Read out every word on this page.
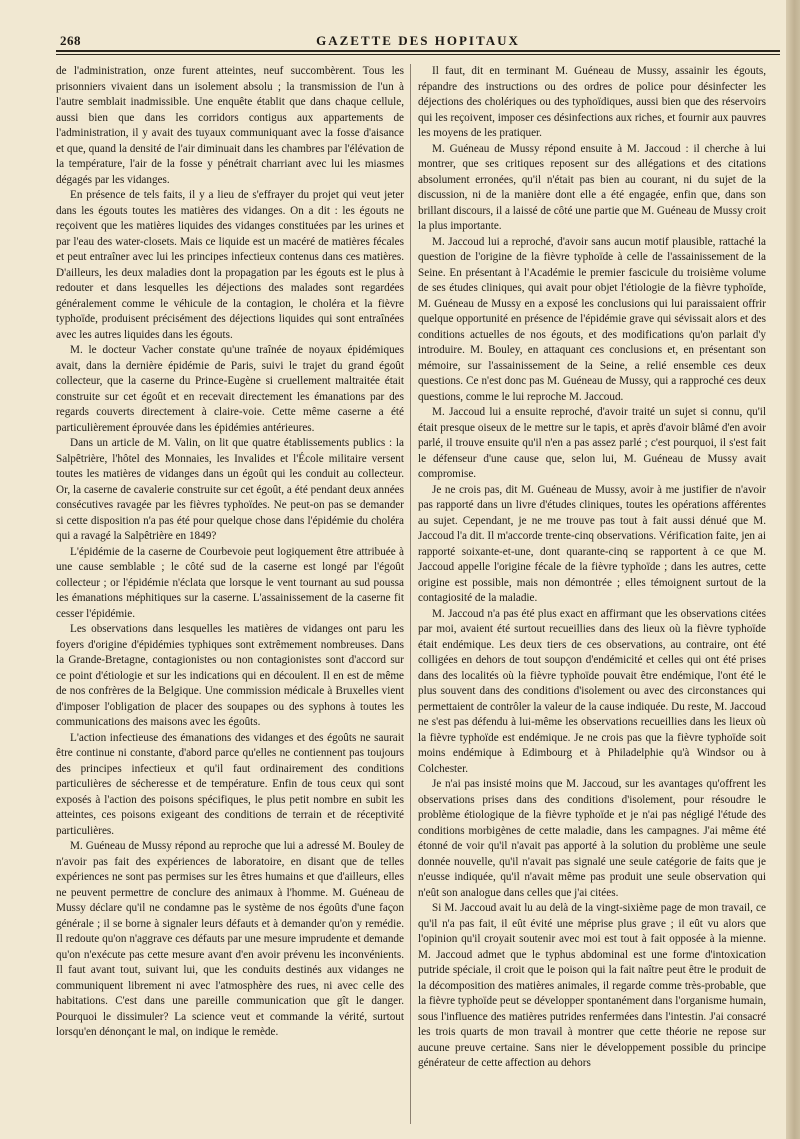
268	GAZETTE DES HOPITAUX

de l'administration, onze furent atteintes, neuf succombèrent. Tous les prisonniers vivaient dans un isolement absolu ; la transmission de l'un à l'autre semblait inadmissible. Une enquête établit que dans chaque cellule, aussi bien que dans les corridors contigus aux appartements de l'administration, il y avait des tuyaux communiquant avec la fosse d'aisance et que, quand la densité de l'air diminuait dans les chambres par l'élévation de la température, l'air de la fosse y pénétrait charriant avec lui les miasmes dégagés par les vidanges.

En présence de tels faits, il y a lieu de s'effrayer du projet qui veut jeter dans les égouts toutes les matières des vidanges. On a dit : les égouts ne reçoivent que les matières liquides des vidanges constituées par les urines et par l'eau des water-closets. Mais ce liquide est un macéré de matières fécales et peut entraîner avec lui les principes infectieux contenus dans ces matières. D'ailleurs, les deux maladies dont la propagation par les égouts est le plus à redouter et dans lesquelles les déjections des malades sont regardées généralement comme le véhicule de la contagion, le choléra et la fièvre typhoïde, produisent précisément des déjections liquides qui sont entraînées avec les autres liquides dans les égouts.

M. le docteur Vacher constate qu'une traînée de noyaux épidémiques avait, dans la dernière épidémie de Paris, suivi le trajet du grand égoût collecteur, que la caserne du Prince-Eugène si cruellement maltraitée était construite sur cet égoût et en recevait directement les émanations par des regards couverts directement à claire-voie. Cette même caserne a été particulièrement éprouvée dans les épidémies antérieures.

Dans un article de M. Valin, on lit que quatre établissements publics : la Salpêtrière, l'hôtel des Monnaies, les Invalides et l'École militaire versent toutes les matières de vidanges dans un égoût qui les conduit au collecteur. Or, la caserne de cavalerie construite sur cet égoût, a été pendant deux années consécutives ravagée par les fièvres typhoïdes. Ne peut-on pas se demander si cette disposition n'a pas été pour quelque chose dans l'épidémie du choléra qui a ravagé la Salpêtrière en 1849?

L'épidémie de la caserne de Courbevoie peut logiquement être attribuée à une cause semblable ; le côté sud de la caserne est longé par l'égoût collecteur ; or l'épidémie n'éclata que lorsque le vent tournant au sud poussa les émanations méphitiques sur la caserne. L'assainissement de la caserne fit cesser l'épidémie.

Les observations dans lesquelles les matières de vidanges ont paru les foyers d'origine d'épidémies typhiques sont extrêmement nombreuses. Dans la Grande-Bretagne, contagionistes ou non contagionistes sont d'accord sur ce point d'étiologie et sur les indications qui en découlent. Il en est de même de nos confrères de la Belgique. Une commission médicale à Bruxelles vient d'imposer l'obligation de placer des soupapes ou des syphons à toutes les communications des maisons avec les égoûts.

L'action infectieuse des émanations des vidanges et des égoûts ne saurait être continue ni constante, d'abord parce qu'elles ne contiennent pas toujours des principes infectieux et qu'il faut ordinairement des conditions particulières de sécheresse et de température. Enfin de tous ceux qui sont exposés à l'action des poisons spécifiques, le plus petit nombre en subit les atteintes, ces poisons exigeant des conditions de terrain et de réceptivité particulières.

M. Guéneau de Mussy répond au reproche que lui a adressé M. Bouley de n'avoir pas fait des expériences de laboratoire, en disant que de telles expériences ne sont pas permises sur les êtres humains et que d'ailleurs, elles ne peuvent permettre de conclure des animaux à l'homme. M. Guéneau de Mussy déclare qu'il ne condamne pas le système de nos égoûts d'une façon générale ; il se borne à signaler leurs défauts et à demander qu'on y remédie. Il redoute qu'on n'aggrave ces défauts par une mesure imprudente et demande qu'on n'exécute pas cette mesure avant d'en avoir prévenu les inconvénients. Il faut avant tout, suivant lui, que les conduits destinés aux vidanges ne communiquent librement ni avec l'atmosphère des rues, ni avec celle des habitations. C'est dans une pareille communication que gît le danger. Pourquoi le dissimuler? La science veut et commande la vérité, surtout lorsqu'en dénonçant le mal, on indique le remède.

Il faut, dit en terminant M. Guéneau de Mussy, assainir les égouts, répandre des instructions ou des ordres de police pour désinfecter les déjections des cholériques ou des typhoïdiques, aussi bien que des réservoirs qui les reçoivent, imposer ces désinfections aux riches, et fournir aux pauvres les moyens de les pratiquer.

M. Guéneau de Mussy répond ensuite à M. Jaccoud : il cherche à lui montrer, que ses critiques reposent sur des allégations et des citations absolument erronées, qu'il n'était pas bien au courant, ni du sujet de la discussion, ni de la manière dont elle a été engagée, enfin que, dans son brillant discours, il a laissé de côté une partie que M. Guéneau de Mussy croit la plus importante.

M. Jaccoud lui a reproché, d'avoir sans aucun motif plausible, rattaché la question de l'origine de la fièvre typhoïde à celle de l'assainissement de la Seine. En présentant à l'Académie le premier fascicule du troisième volume de ses études cliniques, qui avait pour objet l'étiologie de la fièvre typhoïde, M. Guéneau de Mussy en a exposé les conclusions qui lui paraissaient offrir quelque opportunité en présence de l'épidémie grave qui sévissait alors et des conditions actuelles de nos égouts, et des modifications qu'on parlait d'y introduire. M. Bouley, en attaquant ces conclusions et, en présentant son mémoire, sur l'assainissement de la Seine, a relié ensemble ces deux questions. Ce n'est donc pas M. Guéneau de Mussy, qui a rapproché ces deux questions, comme le lui reproche M. Jaccoud.

M. Jaccoud lui a ensuite reproché, d'avoir traité un sujet si connu, qu'il était presque oiseux de le mettre sur le tapis, et après d'avoir blâmé d'en avoir parlé, il trouve ensuite qu'il n'en a pas assez parlé ; c'est pourquoi, il s'est fait le défenseur d'une cause que, selon lui, M. Guéneau de Mussy avait compromise.

Je ne crois pas, dit M. Guéneau de Mussy, avoir à me justifier de n'avoir pas rapporté dans un livre d'études cliniques, toutes les opérations afférentes au sujet. Cependant, je ne me trouve pas tout à fait aussi dénué que M. Jaccoud l'a dit. Il m'accorde trente-cinq observations. Vérification faite, jen ai rapporté soixante-et-une, dont quarante-cinq se rapportent à ce que M. Jaccoud appelle l'origine fécale de la fièvre typhoïde ; dans les autres, cette origine est possible, mais non démontrée ; elles témoignent surtout de la contagiosité de la maladie.

M. Jaccoud n'a pas été plus exact en affirmant que les observations citées par moi, avaient été surtout recueillies dans des lieux où la fièvre typhoïde était endémique. Les deux tiers de ces observations, au contraire, ont été colligées en dehors de tout soupçon d'endémicité et celles qui ont été prises dans des localités où la fièvre typhoïde pouvait être endémique, l'ont été le plus souvent dans des conditions d'isolement ou avec des circonstances qui permettaient de contrôler la valeur de la cause indiquée. Du reste, M. Jaccoud ne s'est pas défendu à lui-même les observations recueillies dans les lieux où la fièvre typhoïde est endémique. Je ne crois pas que la fièvre typhoïde soit moins endémique à Edimbourg et à Philadelphie qu'à Windsor ou à Colchester.

Je n'ai pas insisté moins que M. Jaccoud, sur les avantages qu'offrent les observations prises dans des conditions d'isolement, pour résoudre le problème étiologique de la fièvre typhoïde et je n'ai pas négligé l'étude des conditions morbigènes de cette maladie, dans les campagnes. J'ai même été étonné de voir qu'il n'avait pas apporté à la solution du problème une seule donnée nouvelle, qu'il n'avait pas signalé une seule catégorie de faits que je n'eusse indiquée, qu'il n'avait même pas produit une seule observation qui n'eût son analogue dans celles que j'ai citées.

Si M. Jaccoud avait lu au delà de la vingt-sixième page de mon travail, ce qu'il n'a pas fait, il eût évité une méprise plus grave ; il eût vu alors que l'opinion qu'il croyait soutenir avec moi est tout à fait opposée à la mienne. M. Jaccoud admet que le typhus abdominal est une forme d'intoxication putride spéciale, il croit que le poison qui la fait naître peut être le produit de la décomposition des matières animales, il regarde comme très-probable, que la fièvre typhoïde peut se développer spontanément dans l'organisme humain, sous l'influence des matières putrides renfermées dans l'intestin. J'ai consacré les trois quarts de mon travail à montrer que cette théorie ne repose sur aucune preuve certaine. Sans nier le développement possible du principe générateur de cette affection au dehors
